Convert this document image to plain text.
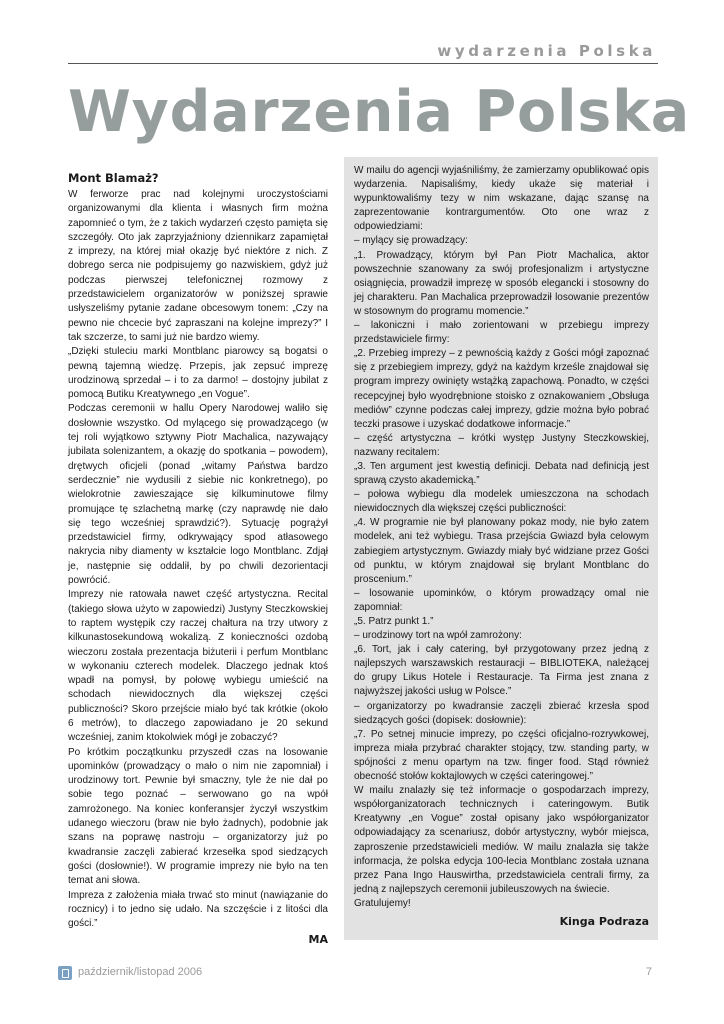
wydarzenia Polska
Wydarzenia Polska
Mont Blamaż?

W ferworze prac nad kolejnymi uroczystościami organizowanymi dla klienta i własnych firm można zapomnieć o tym, że z takich wydarzeń często pamięta się szczegóły. Oto jak zaprzyjaźniony dziennikarz zapamiętał z imprezy, na której miał okazję być niektóre z nich. Z dobrego serca nie podpisujemy go nazwiskiem, gdyż już podczas pierwszej telefonicznej rozmowy z przedstawicielem organizatorów w poniższej sprawie usłyszeliśmy pytanie zadane obcesowym tonem: „Czy na pewno nie chcecie być zapraszani na kolejne imprezy?” I tak szczerze, to sami już nie bardzo wiemy.

„Dzięki stuleciu marki Montblanc piarowcy są bogatsi o pewną tajemną wiedzę. Przepis, jak zepsuć imprezę urodzinową sprzedał – i to za darmo! – dostojny jubilat z pomocą Butiku Kreatywnego „en Vogue”.

Podczas ceremonii w hallu Opery Narodowej waliło się dosłownie wszystko. Od mylącego się prowadzącego (w tej roli wyjątkowo sztywny Piotr Machalica, nazywający jubilata solenizantem, a okazję do spotkania – powodem), drętwych oficjeli (ponad „witamy Państwa bardzo serdecznie” nie wydusili z siebie nic konkretnego), po wielokrotnie zawieszające się kilkuminutowe filmy promujące tę szlachetną markę (czy naprawdę nie dało się tego wcześniej sprawdzić?). Sytuację pogrążył przedstawiciel firmy, odkrywający spod atłasowego nakrycia niby diamenty w kształcie logo Montblanc. Zdjął je, następnie się oddalił, by po chwili dezorientacji powrócić.

Imprezy nie ratowała nawet część artystyczna. Recital (takiego słowa użyto w zapowiedzi) Justyny Steczkowskiej to raptem występik czy raczej chałtura na trzy utwory z kilkunastosekundową wokalizą. Z konieczności ozdobą wieczoru została prezentacja biżuterii i perfum Montblanc w wykonaniu czterech modelek. Dlaczego jednak ktoś wpadł na pomysł, by połowę wybiegu umieścić na schodach niewidocznych dla większej części publiczności? Skoro przejście miało być tak krótkie (około 6 metrów), to dlaczego zapowiadano je 20 sekund wcześniej, zanim ktokolwiek mógł je zobaczyć?

Po krótkim początkunku przyszedł czas na losowanie upominków (prowadzący o mało o nim nie zapomniał) i urodzinowy tort. Pewnie był smaczny, tyle że nie dał po sobie tego poznać – serwowano go na wpół zamrożonego. Na koniec konferansjer życzył wszystkim udanego wieczoru (braw nie było żadnych), podobnie jak szans na poprawę nastroju – organizatorzy już po kwadransie zaczęli zabierać krzesełka spod siedzących gości (dosłownie!). W programie imprezy nie było na ten temat ani słowa.

Impreza z założenia miała trwać sto minut (nawiązanie do rocznicy) i to jedno się udało. Na szczęście i z litości dla gości.”

MA

W mailu do agencji wyjaśniliśmy, że zamierzamy opublikować opis wydarzenia. Napisaliśmy, kiedy ukaże się materiał i wypunktowaliśmy tezy w nim wskazane, dając szansę na zaprezentowanie kontrargumentów. Oto one wraz z odpowiedziami:

– mylący się prowadzący:

„1. Prowadzący, którym był Pan Piotr Machalica, aktor powszechnie szanowany za swój profesjonalizm i artystyczne osiągnięcia, prowadził imprezę w sposób elegancki i stosowny do jej charakteru. Pan Machalica przeprowadził losowanie prezentów w stosownym do programu momencie.”

– lakoniczni i mało zorientowani w przebiegu imprezy przedstawiciele firmy:

„2. Przebieg imprezy – z pewnością każdy z Gości mógł zapoznać się z przebiegiem imprezy, gdyż na każdym krześle znajdował się program imprezy owinięty wstążką zapachową. Ponadto, w części recepcyjnej było wyodrębnione stoisko z oznakowaniem „Obsługa mediów” czynne podczas całej imprezy, gdzie można było pobrać teczki prasowe i uzyskać dodatkowe informacje.”

– część artystyczna – krótki występ Justyny Steczkowskiej, nazwany recitalem:

„3. Ten argument jest kwestią definicji. Debata nad definicją jest sprawą czysto akademicką.”

– połowa wybiegu dla modelek umieszczona na schodach niewidocznych dla większej części publiczności:

„4. W programie nie był planowany pokaz mody, nie było zatem modelek, ani też wybiegu. Trasa przejścia Gwiazd była celowym zabiegiem artystycznym. Gwiazdy miały być widziane przez Gości od punktu, w którym znajdował się brylant Montblanc do proscenium.”

– losowanie upominków, o którym prowadzący omal nie zapomniał:

„5. Patrz punkt 1.”

– urodzinowy tort na wpół zamrożony:

„6. Tort, jak i cały catering, był przygotowany przez jedną z najlepszych warszawskich restauracji – BIBLIOTEKA, należącej do grupy Likus Hotele i Restauracje. Ta Firma jest znana z najwyższej jakości usług w Polsce.”

– organizatorzy po kwadransie zaczęli zbierać krzesła spod siedzących gości (dopisek: dosłownie):

„7. Po setnej minucie imprezy, po części oficjalno-rozrywkowej, impreza miała przybrać charakter stojący, tzw. standing party, w spójności z menu opartym na tzw. finger food. Stąd również obecność stołów koktajlowych w części cateringowej.”

W mailu znalazły się też informacje o gospodarzach imprezy, współorganizatorach technicznych i cateringowym. Butik Kreatywny „en Vogue” został opisany jako współorganizator odpowiadający za scenariusz, dobór artystyczny, wybór miejsca, zaproszenie przedstawicieli mediów. W mailu znalazła się także informacja, że polska edycja 100-lecia Montblanc została uznana przez Pana Ingo Hauswirtha, przedstawiciela centrali firmy, za jedną z najlepszych ceremonii jubileuszowych na świecie.

Gratulujemy!

Kinga Podraza
październik/listopad 2006	7
